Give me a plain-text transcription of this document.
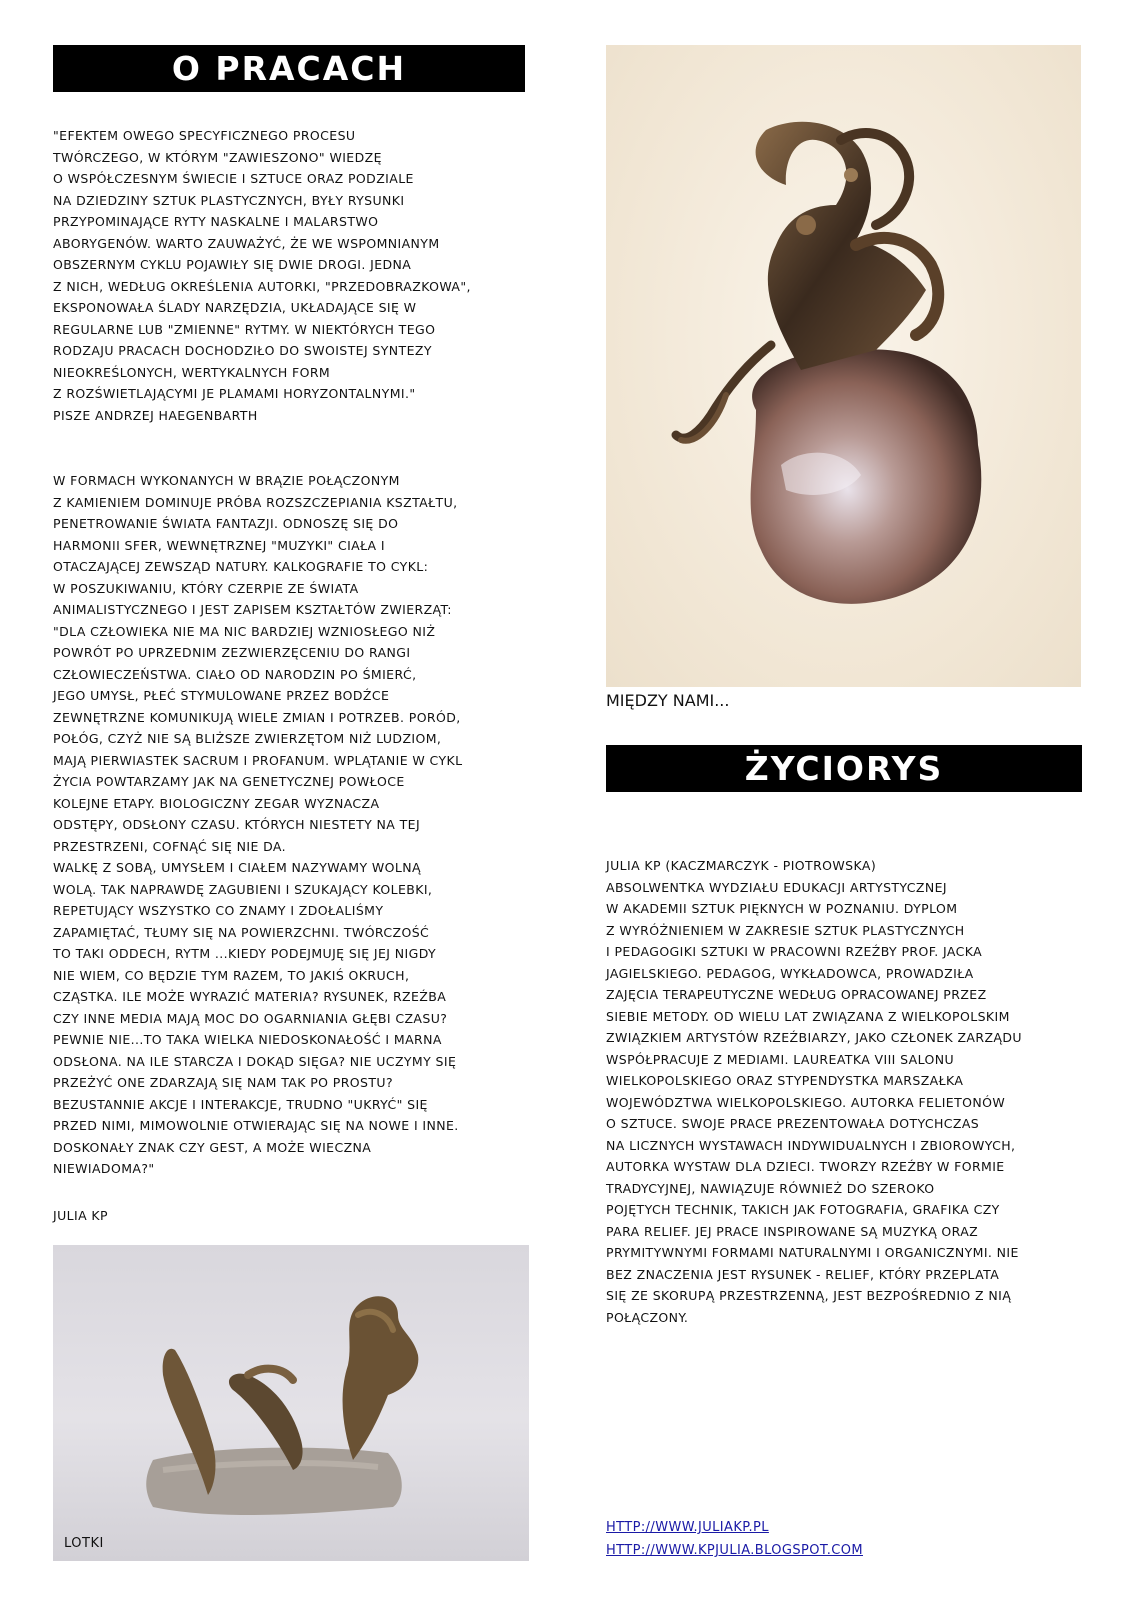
O PRACACH
"EFEKTEM OWEGO SPECYFICZNEGO PROCESU
TWÓRCZEGO, W KTÓRYM "ZAWIESZONO" WIEDZĘ
O WSPÓŁCZESNYM ŚWIECIE I SZTUCE ORAZ PODZIALE
NA DZIEDZINY SZTUK PLASTYCZNYCH, BYŁY RYSUNKI
PRZYPOMINAJĄCE RYTY NASKALNE I MALARSTWO
ABORYGENÓW. WARTO ZAUWAŻYĆ, ŻE WE WSPOMNIANYM
OBSZERNYM CYKLU POJAWIŁY SIĘ DWIE DROGI. JEDNA
Z NICH, WEDŁUG OKREŚLENIA AUTORKI, "PRZEDOBRAZKOWA",
EKSPONOWAŁA ŚLADY NARZĘDZIA, UKŁADAJĄCE SIĘ W
REGULARNE LUB "ZMIENNE" RYTMY. W NIEKTÓRYCH TEGO
RODZAJU PRACACH DOCHODZIŁO DO SWOISTEJ SYNTEZY
NIEOKREŚLONYCH, WERTYKALNYCH FORM
Z ROZŚWIETLAJĄCYMI JE PLAMAMI HORYZONTALNYMI."
PISZE ANDRZEJ HAEGENBARTH
W FORMACH WYKONANYCH W BRĄZIE POŁĄCZONYM
Z KAMIENIEM DOMINUJE PRÓBA ROZSZCZEPIANIA KSZTAŁTU,
PENETROWANIE ŚWIATA FANTAZJI. ODNOSZĘ SIĘ DO
HARMONII SFER, WEWNĘTRZNEJ "MUZYKI" CIAŁA I
OTACZAJĄCEJ ZEWSZĄD NATURY. KALKOGRAFIE TO CYKL:
W POSZUKIWANIU, KTÓRY CZERPIE ZE ŚWIATA
ANIMALISTYCZNEGO I JEST ZAPISEM KSZTAŁTÓW ZWIERZĄT:
"DLA CZŁOWIEKA NIE MA NIC BARDZIEJ WZNIOSŁEGO NIŻ
POWRÓT PO UPRZEDNIM ZEZWIERZĘCENIU DO RANGI
CZŁOWIECZEŃSTWA. CIAŁO OD NARODZIN PO ŚMIERĆ,
JEGO UMYSŁ, PŁEĆ STYMULOWANE PRZEZ BODŹCE
ZEWNĘTRZNE KOMUNIKUJĄ WIELE ZMIAN I POTRZEB. PORÓD,
POŁÓG, CZYŻ NIE SĄ BLIŻSZE ZWIERZĘTOM NIŻ LUDZIOM,
MAJĄ PIERWIASTEK SACRUM I PROFANUM. WPLĄTANIE W CYKL
ŻYCIA POWTARZAMY JAK NA GENETYCZNEJ POWŁOCE
KOLEJNE ETAPY. BIOLOGICZNY ZEGAR WYZNACZA
ODSTĘPY, ODSŁONY CZASU. KTÓRYCH NIESTETY NA TEJ
PRZESTRZENI, COFNĄĆ SIĘ NIE DA.
WALKĘ Z SOBĄ, UMYSŁEM I CIAŁEM NAZYWAMY WOLNĄ
WOLĄ. TAK NAPRAWDĘ ZAGUBIENI I SZUKAJĄCY KOLEBKI,
REPETUJĄCY WSZYSTKO CO ZNAMY I ZDOŁALIŚMY
ZAPAMIĘTAĆ, TŁUMY SIĘ NA POWIERZCHNI. TWÓRCZOŚĆ
TO TAKI ODDECH, RYTM ...KIEDY PODEJMUJĘ SIĘ JEJ NIGDY
NIE WIEM, CO BĘDZIE TYM RAZEM, TO JAKIŚ OKRUCH,
CZĄSTKA. ILE MOŻE WYRAZIĆ MATERIA? RYSUNEK, RZEŹBA
CZY INNE MEDIA MAJĄ MOC DO OGARNIANIA GŁĘBI CZASU?
PEWNIE NIE...TO TAKA WIELKA NIEDOSKONAŁOŚĆ I MARNA
ODSŁONA. NA ILE STARCZA I DOKĄD SIĘGA? NIE UCZYMY SIĘ
PRZEŻYĆ ONE ZDARZAJĄ SIĘ NAM TAK PO PROSTU?
BEZUSTANNIE AKCJE I INTERAKCJE, TRUDNO "UKRYĆ" SIĘ
PRZED NIMI, MIMOWOLNIE OTWIERAJĄC SIĘ NA NOWE I INNE.
DOSKONAŁY ZNAK CZY GEST, A MOŻE WIECZNA
NIEWIADOMA?"
JULIA KP
MIĘDZY NAMI...
ŻYCIORYS
JULIA KP (KACZMARCZYK - PIOTROWSKA)
ABSOLWENTKA WYDZIAŁU EDUKACJI ARTYSTYCZNEJ
W AKADEMII SZTUK PIĘKNYCH W POZNANIU. DYPLOM
Z WYRÓŻNIENIEM W ZAKRESIE SZTUK PLASTYCZNYCH
I PEDAGOGIKI SZTUKI W PRACOWNI RZEŹBY PROF. JACKA
JAGIELSKIEGO. PEDAGOG, WYKŁADOWCA, PROWADZIŁA
ZAJĘCIA TERAPEUTYCZNE WEDŁUG OPRACOWANEJ PRZEZ
SIEBIE METODY. OD WIELU LAT ZWIĄZANA Z WIELKOPOLSKIM
ZWIĄZKIEM ARTYSTÓW RZEŹBIARZY, JAKO CZŁONEK ZARZĄDU
WSPÓŁPRACUJE Z MEDIAMI. LAUREATKA VIII SALONU
WIELKOPOLSKIEGO ORAZ STYPENDYSTKA MARSZAŁKA
WOJEWÓDZTWA WIELKOPOLSKIEGO. AUTORKA FELIETONÓW
O SZTUCE. SWOJE PRACE PREZENTOWAŁA DOTYCHCZAS
NA LICZNYCH WYSTAWACH INDYWIDUALNYCH I ZBIOROWYCH,
AUTORKA WYSTAW DLA DZIECI. TWORZY RZEŹBY W FORMIE
TRADYCYJNEJ, NAWIĄZUJE RÓWNIEŻ DO SZEROKO
POJĘTYCH TECHNIK, TAKICH JAK FOTOGRAFIA, GRAFIKA CZY
PARA RELIEF. JEJ PRACE INSPIROWANE SĄ MUZYKĄ ORAZ
PRYMITYWNYMI FORMAMI NATURALNYMI I ORGANICZNYMI. NIE
BEZ ZNACZENIA JEST RYSUNEK - RELIEF, KTÓRY PRZEPLATA
SIĘ ZE SKORUPĄ PRZESTRZENNĄ, JEST BEZPOŚREDNIO Z NIĄ
POŁĄCZONY.
LOTKI
HTTP://WWW.JULIAKP.PL
HTTP://WWW.KPJULIA.BLOGSPOT.COM
